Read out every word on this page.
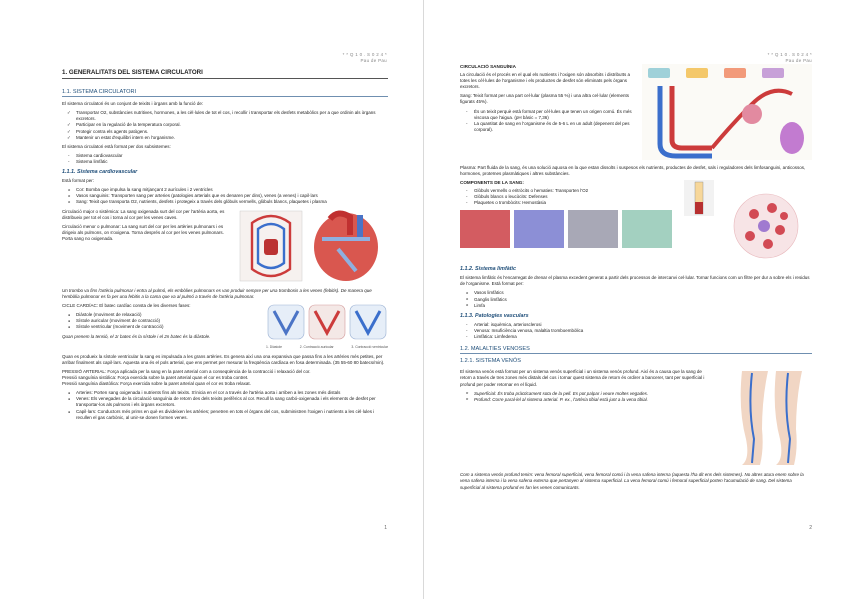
* * Q 1 0 . S 0 2 4 *
Pau de Pau
1. GENERALITATS DEL SISTEMA CIRCULATORI
1.1. SISTEMA CIRCULATORI

El sistema circulatori és un conjunt de teixits i òrgans amb la funció de:

✓ Transportar O2, substàncies nutritives, hormones, a les cèl·lules de tot el cos, i recollir i transportar els desfets metabòlics per a que ordinin als òrgans excretors.
✓ Participar en la regulació de la temperatura corporal.
✓ Protegir contra els agents patògens.
✓ Mantenir un estat d'equilibri intern en l'organisme.

El sistema circulatori està format per dos subsistemes:

- Sistema cardiovascular
- Sistema limfàtic
1.1.1. Sistema cardiovascular

Està format per:

o Cor: Bomba que impulsa la sang mitjançant 2 aurícules i 2 ventricles
o Vasos sanguinis: Transporten sang per arteries (patologies arterials que es denaren per dins), venes (a venes) i capil·lars
o Sang: Teixit que transporta O2, nutrients, desfets i protegeix a través dels glòbuls vermells, glòbuls blancs, plaquetes i plasma

Circulació major o sistèmica: La sang oxigenada surt del cor per l'artèria aorta, es distribueix per tot el cos i torna al cor per les venes caves.

Circulació menor o pulmonar: La sang surt del cor per les artèries pulmonars i es dirigeix als pulmons, on s'oxigena. Torna després al cor per les venes pulmonars. Porta sang no oxigenada.

Un trombo va fins l'artèria pulmonar i entra al pulmó, els embòlies pulmonars es van produir sempre per una trombosis a les venes (febitis). De manera que l'embòlia pulmonar es fa per una febitis a la cama que va al pulmó a través de l'artèria pulmonar.

1. Diàstole	2. Contracció auricular	3. Contracció ventricular

CICLE CARDÍAC: El batec cardíac consta de les diverses fases:

● Diàstole (moviment de relaxació)
● Sístole auricular (moviment de contracció)
● Sístole ventricular (moviment de contracció)

Quan prenem la tensió, el 1r batec és la sístole i el 2n batec és la diàstole.

Quan es produeix la sístole ventricular la sang es impulsada a les grans artèries. Es genera així una ona expansiva que passa fins a les artèries més petites, per arribar finalment als capil·lars. Aquesta ona és el pols arterial, que ens permet per mesurar la freqüència cardíaca en fosa determinada. (35 55-60 80 batecs/min).

PRESSIÓ ARTERIAL: Força aplicada per la sang en la paret arterial com a conseqüència de la contracció i relaxació del cor.

Pressió sanguínia sistòlica: Força exercida sobre la paret arterial quan el cor es troba contret.
Pressió sanguínia diastòlica: Força exercida sobre la paret arterial quan el cor es troba relaxat.
● Arteries: Porten sang oxigenada i nutrients fins als teixits. S'inicia en el cor a través de l'artèria aorta i arriben a les zones més distals
● Venes: Els venegades de la circulació sanguínia de retorn des dels teixits perifèrics al cor. Recull la sang carbó-oxigenada i els elements de desfet per transportar-los als pulmons i els òrgans excretors.
● Capil·lars: Conductors més prims en què es divideixen les artèries; penetren en tots el òrgans del cos, subministren l'oxigen i nutrients a les cèl·lules i recullen el gas carbònic, al unir-se donen formen venes.
1
* * Q 1 0 . S 0 2 4 *
Pau de Pau
CIRCULACIÓ SANGUÍNIA

La circulació és el procés en el qual els nutrients i l'oxigen són absorbits i distribuïts a totes les cèl·lules de l'organisme i els productes de desfet són eliminats pels òrgans excretors.

Sang: Teixit format per una part cel·lular (plasma 55 %) i una altra cel·lular (elements figurats 45%).

- És un teixit perquè està format per cèl·lules que tenen un origen comú. És més viscosa que l'aigua. (pH bàsic = 7,36)
- La quantitat de sang en l'organisme és de 5-6 L en un adult (depenent del pes corporal).

Plasma: Part fluida de la sang, és una solució aquosa en la que estan dissolts i suspesos els nutrients, productes de desfet, sals i reguladores dels limfosanguini, anticossos, hormones, proteïnes plasmàtiques i altres substàncies.

COMPONENTS DE LA SANG:
- Glòbuls vermells o eritròcits o hematies: Transporten l'O2
- Glòbuls blancs o leucòcits: Defenses
- Plaquetes o trombòcits: Hemostàsia
1.1.2. Sistema limfàtic

El sistema limfàtic és l'encarregat de drenar el plasma excedent generat a partir dels processos de intercanvi cel·lular. Tornar funcions com un filtre per dur a sobre els i residus de l'organisme. Està format per:

o Vasos limfàtics
o Ganglis limfàtics
o Limfa
1.1.3. Patologies vasculars
- Arterial: isquèmica, arteriosclerosi
- Venosa: Insuficiència venosa, malaltia tromboembòlica
- Limfàtica: Limfedema
1.2. MALALTIES VENOSES
1.2.1. SISTEMA VENÓS

El sistema venós està format per un sistema venós superficial i un sistema venós profund. Així és a causa que la sang de retorn a través de tres zones més distals del cos i tornar quest sistema de retorn és ordirer a bancerer, tant per superficial i profund per poder retornar en el líquid.

o Superficial: És troba pràcticament sota de la pell. Es pot palpar i veure moltes vegades.
o Profund: Corre paral·lel al sistema arterial. P. ex., l'artèria tibial està junt a la vena tibial.

Com a sistema venós profund tenim: vena femoral superficial, vena femoral comú i la vena safena interna (aquesta l'ha dit ens dels sistemes). No altres atura enem sobre la vena safena interna i la vena safena externa que pertanyen al sistema superficial. La vena femoral comú i femoral superficial porten l'acumulació de sang. Del sistema superficial al sistema profund es fan les venes comunicants.

2
